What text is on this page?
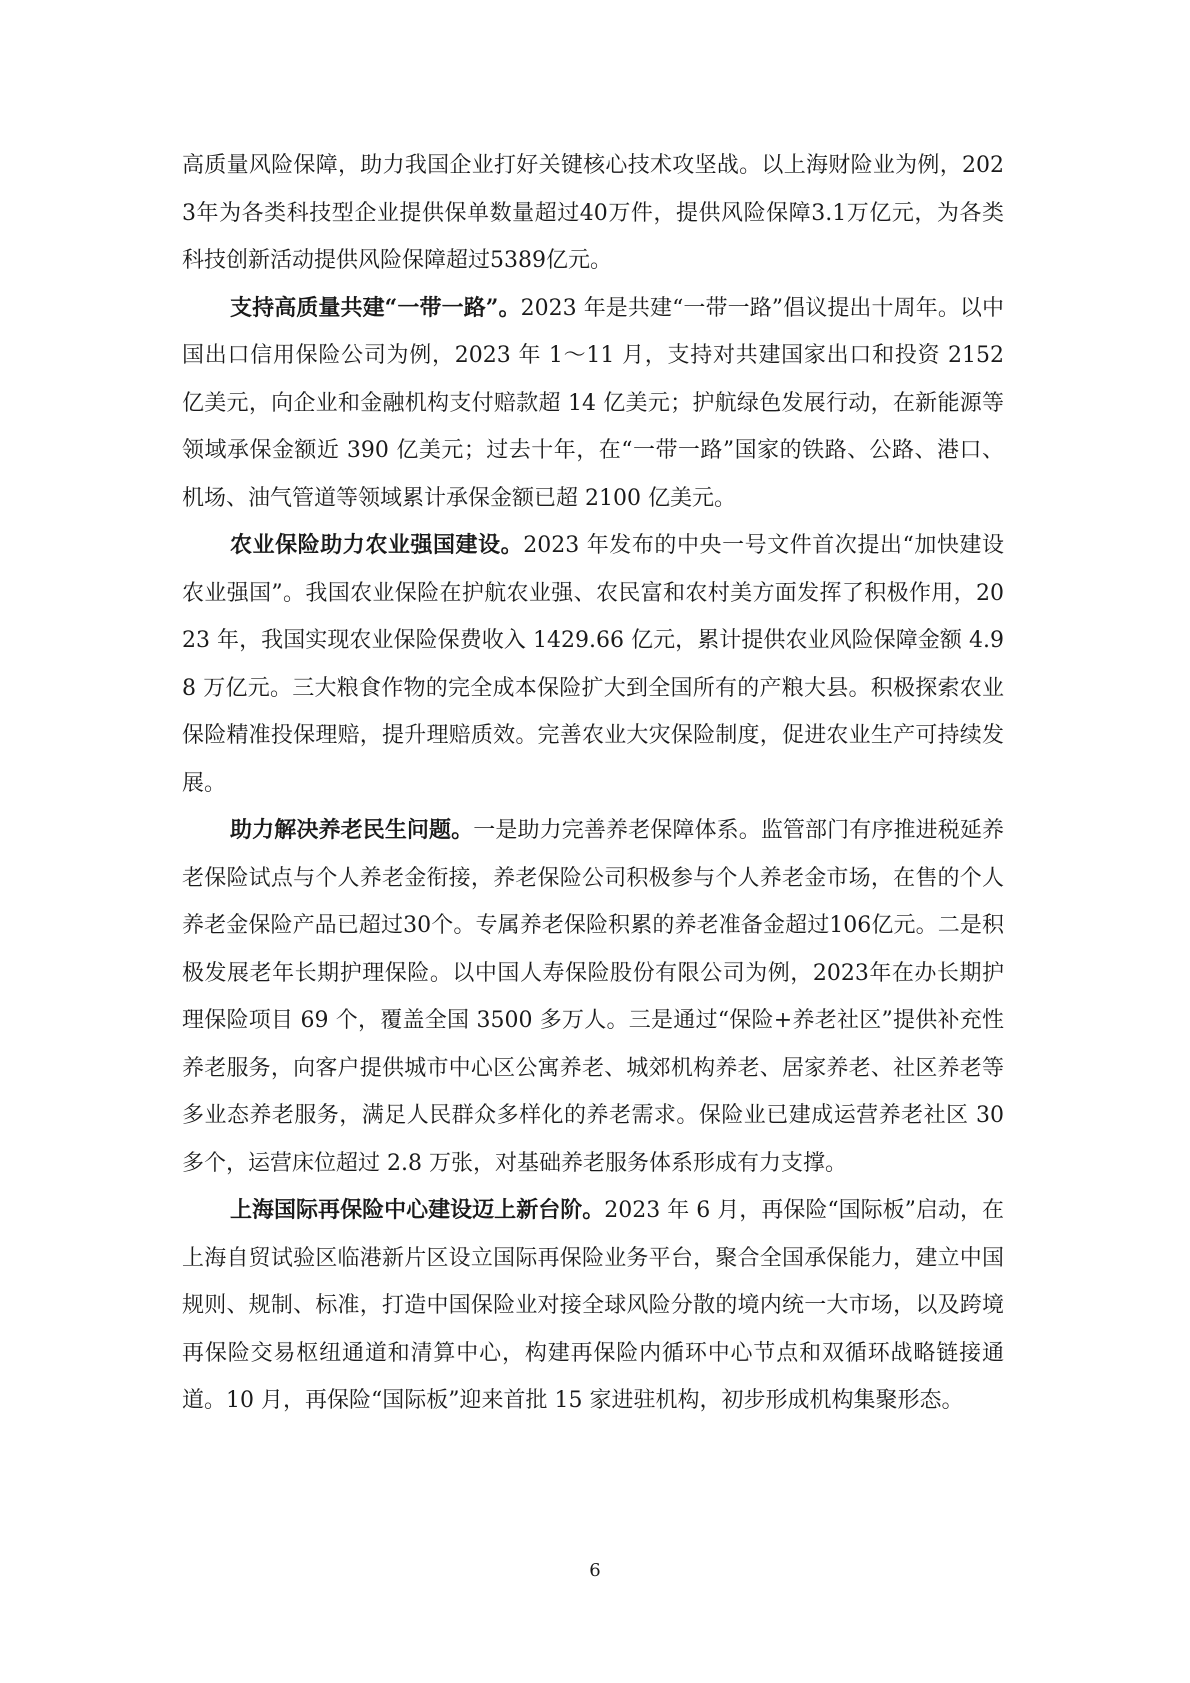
高质量风险保障，助力我国企业打好关键核心技术攻坚战。以上海财险业为例，2023年为各类科技型企业提供保单数量超过40万件，提供风险保障3.1万亿元，为各类科技创新活动提供风险保障超过5389亿元。

支持高质量共建“一带一路”。2023 年是共建“一带一路”倡议提出十周年。以中国出口信用保险公司为例，2023 年 1～11 月，支持对共建国家出口和投资 2152 亿美元，向企业和金融机构支付赔款超 14 亿美元；护航绿色发展行动，在新能源等领域承保金额近 390 亿美元；过去十年，在“一带一路”国家的铁路、公路、港口、机场、油气管道等领域累计承保金额已超 2100 亿美元。

农业保险助力农业强国建设。2023 年发布的中央一号文件首次提出“加快建设农业强国”。我国农业保险在护航农业强、农民富和农村美方面发挥了积极作用，2023 年，我国实现农业保险保费收入 1429.66 亿元，累计提供农业风险保障金额 4.98 万亿元。三大粮食作物的完全成本保险扩大到全国所有的产粮大县。积极探索农业保险精准投保理赔，提升理赔质效。完善农业大灾保险制度，促进农业生产可持续发展。

助力解决养老民生问题。一是助力完善养老保障体系。监管部门有序推进税延养老保险试点与个人养老金衔接，养老保险公司积极参与个人养老金市场，在售的个人养老金保险产品已超过30个。专属养老保险积累的养老准备金超过106亿元。二是积极发展老年长期护理保险。以中国人寿保险股份有限公司为例，2023年在办长期护理保险项目 69 个，覆盖全国 3500 多万人。三是通过“保险+养老社区”提供补充性养老服务，向客户提供城市中心区公寓养老、城郊机构养老、居家养老、社区养老等多业态养老服务，满足人民群众多样化的养老需求。保险业已建成运营养老社区 30 多个，运营床位超过 2.8 万张，对基础养老服务体系形成有力支撑。

上海国际再保险中心建设迈上新台阶。2023 年 6 月，再保险“国际板”启动，在上海自贸试验区临港新片区设立国际再保险业务平台，聚合全国承保能力，建立中国规则、规制、标准，打造中国保险业对接全球风险分散的境内统一大市场，以及跨境再保险交易枢纽通道和清算中心，构建再保险内循环中心节点和双循环战略链接通道。10 月，再保险“国际板”迎来首批 15 家进驻机构，初步形成机构集聚形态。

6
